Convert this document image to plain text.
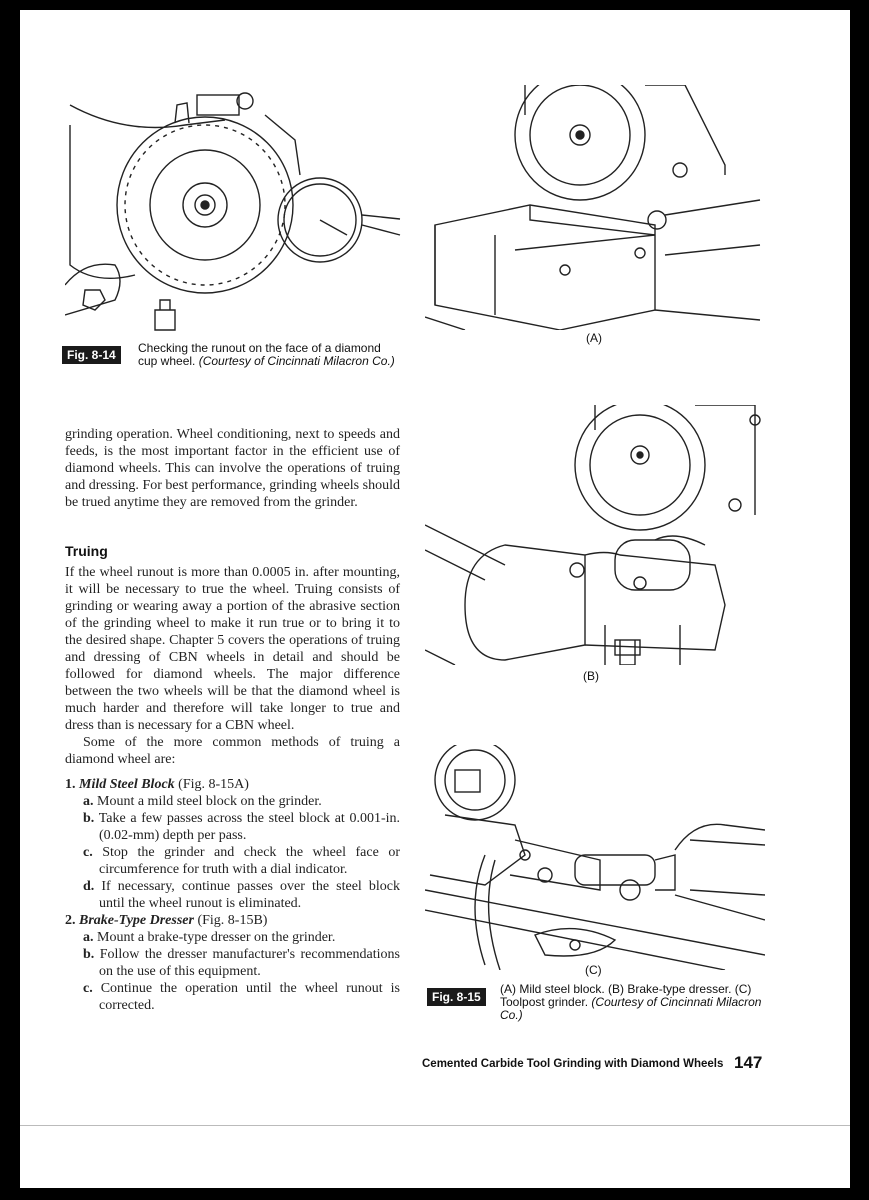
Fig. 8-14	Checking the runout on the face of a diamond cup wheel. (Courtesy of Cincinnati Milacron Co.)
grinding operation. Wheel conditioning, next to speeds and feeds, is the most important factor in the efficient use of diamond wheels. This can involve the operations of truing and dressing. For best performance, grinding wheels should be trued anytime they are removed from the grinder.
Truing

If the wheel runout is more than 0.0005 in. after mounting, it will be necessary to true the wheel. Truing consists of grinding or wearing away a portion of the abrasive section of the grinding wheel to make it run true or to bring it to the desired shape. Chapter 5 covers the operations of truing and dressing of CBN wheels in detail and should be followed for diamond wheels. The major difference between the two wheels will be that the diamond wheel is much harder and therefore will take longer to true and dress than is necessary for a CBN wheel.

Some of the more common methods of truing a diamond wheel are:

1. Mild Steel Block (Fig. 8-15A)
a. Mount a mild steel block on the grinder.
b. Take a few passes across the steel block at 0.001-in. (0.02-mm) depth per pass.
c. Stop the grinder and check the wheel face or circumference for truth with a dial indicator.
d. If necessary, continue passes over the steel block until the wheel runout is eliminated.
2. Brake-Type Dresser (Fig. 8-15B)
a. Mount a brake-type dresser on the grinder.
b. Follow the dresser manufacturer's recommendations on the use of this equipment.
c. Continue the operation until the wheel runout is corrected.
(A)
(B)
(C)
Fig. 8-15
(A) Mild steel block. (B) Brake-type dresser. (C) Toolpost grinder. (Courtesy of Cincinnati Milacron Co.)
Cemented Carbide Tool Grinding with Diamond Wheels 147
